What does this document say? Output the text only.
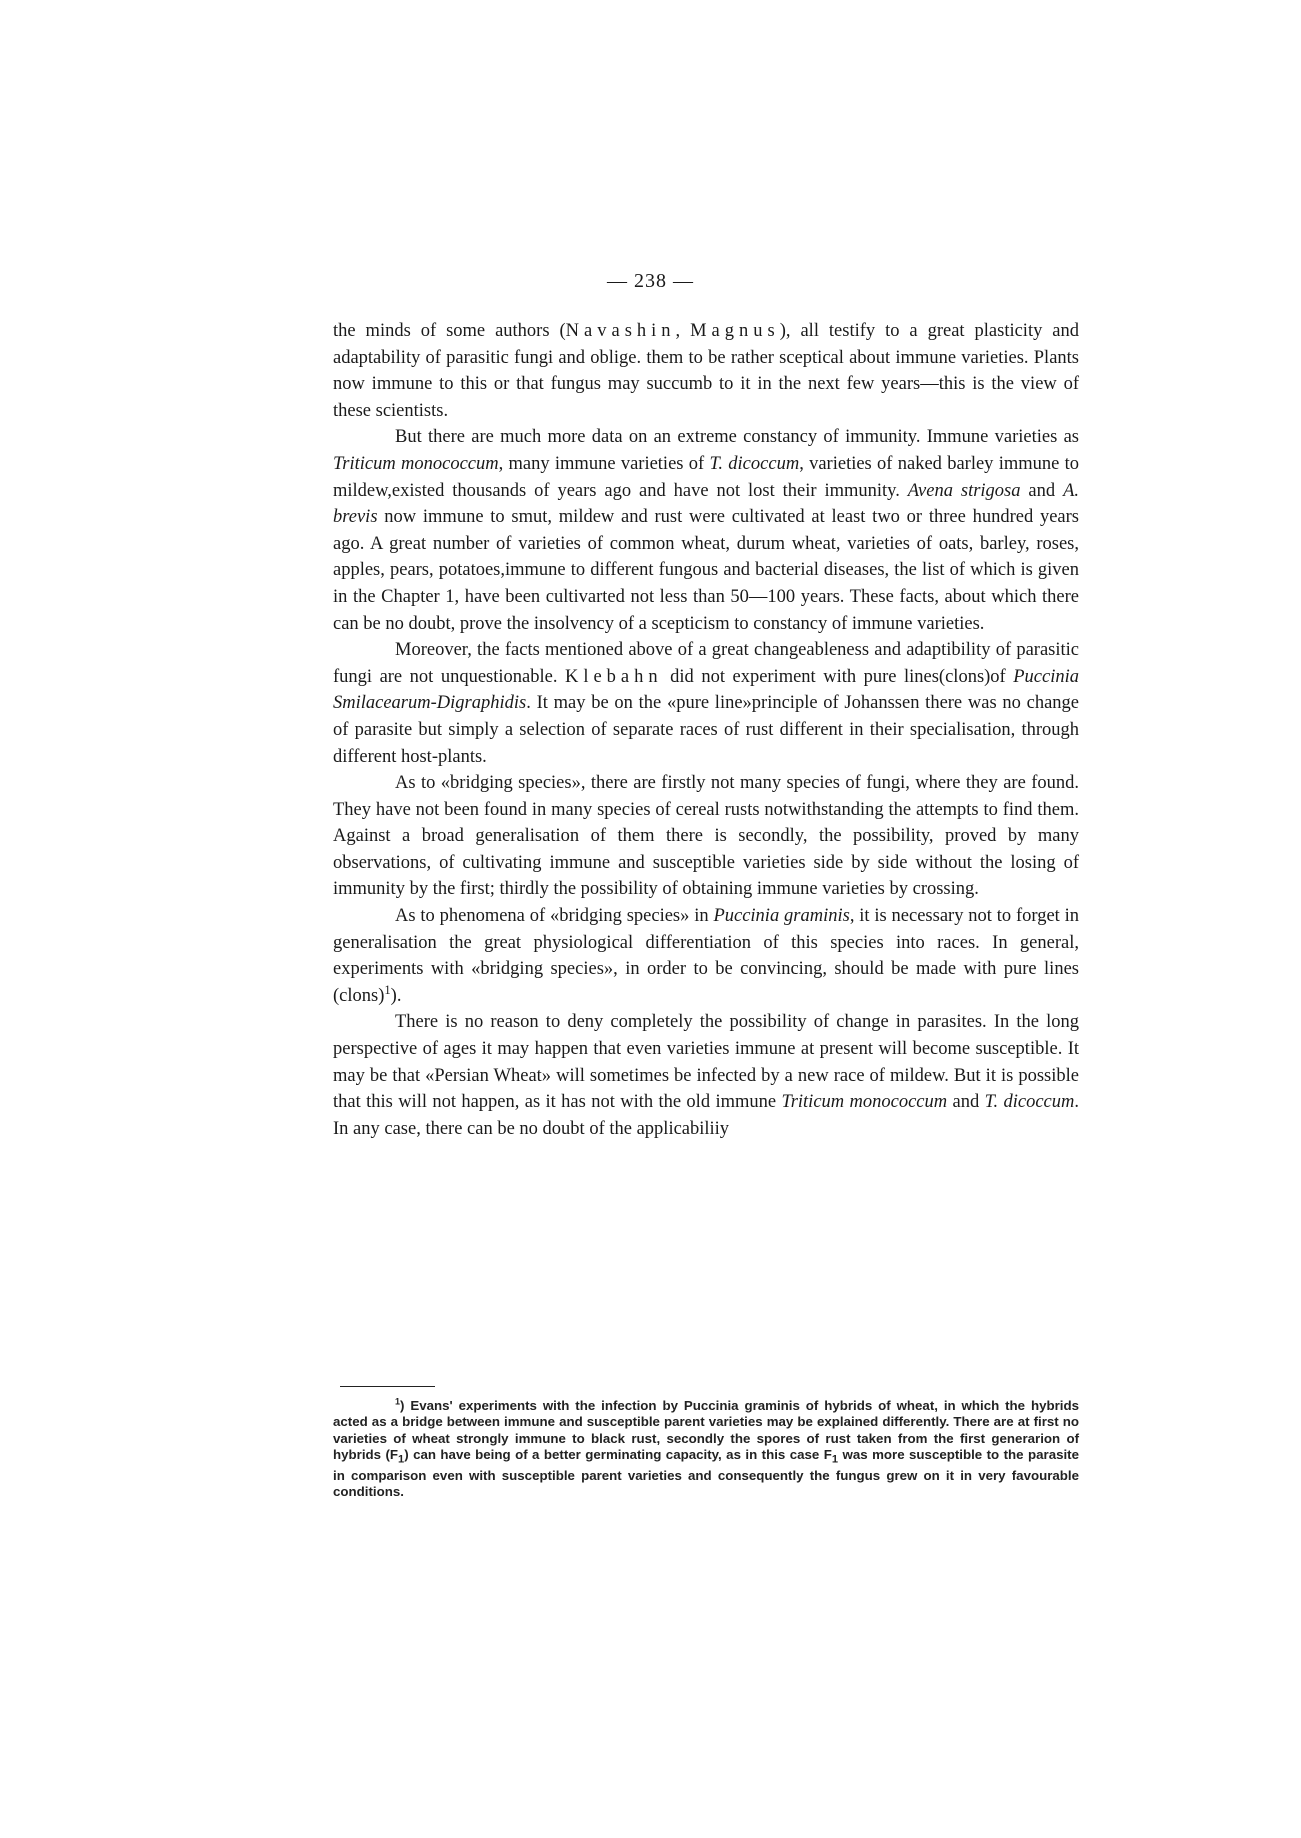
— 238 —

the minds of some authors (Navashin, Magnus), all testify to a great plasticity and adaptability of parasitic fungi and oblige. them to be rather sceptical about immune varieties. Plants now immune to this or that fungus may succumb to it in the next few years—this is the view of these scientists.

But there are much more data on an extreme constancy of immunity. Immune varieties as Triticum monococcum, many immune varieties of T. dicoccum, varieties of naked barley immune to mildew,existed thousands of years ago and have not lost their immunity. Avena strigosa and A. brevis now immune to smut, mildew and rust were cultivated at least two or three hundred years ago. A great number of varieties of common wheat, durum wheat, varieties of oats, barley, roses, apples, pears, potatoes,immune to different fungous and bacterial diseases, the list of which is given in the Chapter 1, have been cultivarted not less than 50—100 years. These facts, about which there can be no doubt, prove the insolvency of a scepticism to constancy of immune varieties.

Moreover, the facts mentioned above of a great changeableness and adaptibility of parasitic fungi are not unquestionable. Klebahn did not experiment with pure lines(clons)of Puccinia Smilacearum-Digraphidis. It may be on the «pure line»principle of Johanssen there was no change of parasite but simply a selection of separate races of rust different in their specialisation, through different host-plants.

As to «bridging species», there are firstly not many species of fungi, where they are found. They have not been found in many species of cereal rusts notwithstanding the attempts to find them. Against a broad generalisation of them there is secondly, the possibility, proved by many observations, of cultivating immune and susceptible varieties side by side without the losing of immunity by the first; thirdly the possibility of obtaining immune varieties by crossing.

As to phenomena of «bridging species» in Puccinia graminis, it is necessary not to forget in generalisation the great physiological differentiation of this species into races. In general, experiments with «bridging species», in order to be convincing, should be made with pure lines (clons)$^1$).

There is no reason to deny completely the possibility of change in parasites. In the long perspective of ages it may happen that even varieties immune at present will become susceptible. It may be that «Persian Wheat» will sometimes be infected by a new race of mildew. But it is possible that this will not happen, as it has not with the old immune Triticum monococcum and T. dicoccum. In any case, there can be no doubt of the applicabiliiy

$^1$) Evans' experiments with the infection by Puccinia graminis of hybrids of wheat, in which the hybrids acted as a bridge between immune and susceptible parent varieties may be explained differently. There are at first no varieties of wheat strongly immune to black rust, secondly the spores of rust taken from the first generarion of hybrids $(F_1)$ can have being of a better germinating capacity, as in this case $F_1$ was more susceptible to the parasite in comparison even with susceptible parent varieties and consequently the fungus grew on it in very favourable conditions.
